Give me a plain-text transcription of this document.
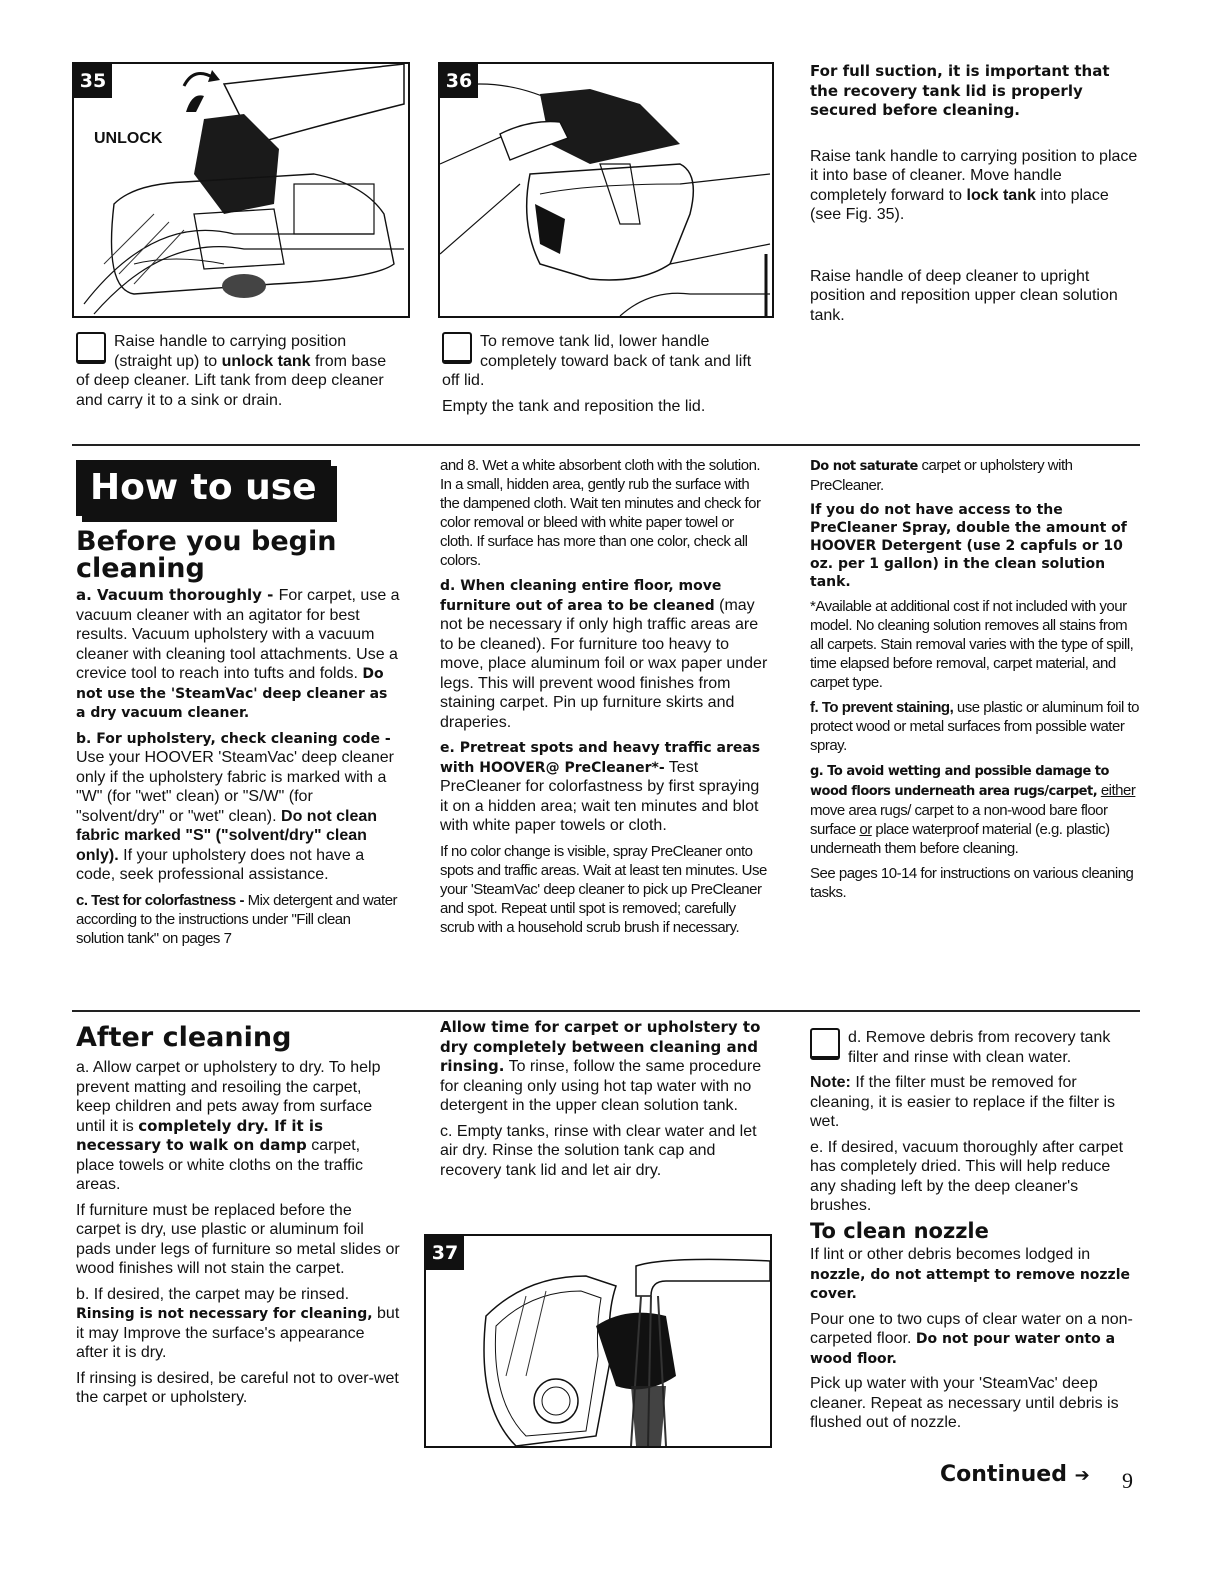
35
UNLOCK
Raise handle to carrying position (straight up) to unlock tank from base of deep cleaner. Lift tank from deep cleaner and carry it to a sink or drain.
36

To remove tank lid, lower handle completely toward back of tank and lift off lid.

Empty the tank and reposition the lid.

For full suction, it is important that the recovery tank lid is properly secured before cleaning.
Raise tank handle to carrying position to place it into base of cleaner. Move handle completely forward to lock tank into place (see Fig. 35).
Raise handle of deep cleaner to upright position and reposition upper clean solution tank.
How to use
Before you begin cleaning

a. Vacuum thoroughly - For carpet, use a vacuum cleaner with an agitator for best results. Vacuum upholstery with a vacuum cleaner with cleaning tool attachments. Use a crevice tool to reach into tufts and folds. Do not use the 'SteamVac' deep cleaner as a dry vacuum cleaner.

b. For upholstery, check cleaning code - Use your HOOVER 'SteamVac' deep cleaner only if the upholstery fabric is marked with a "W" (for "wet" clean) or "S/W" (for "solvent/dry" or "wet" clean). Do not clean fabric marked "S" ("solvent/dry" clean only). If your upholstery does not have a code, seek professional assistance.

c. Test for colorfastness - Mix detergent and water according to the instructions under "Fill clean solution tank" on pages 7

and 8. Wet a white absorbent cloth with the solution. In a small, hidden area, gently rub the surface with the dampened cloth. Wait ten minutes and check for color removal or bleed with white paper towel or cloth. If surface has more than one color, check all colors.

d. When cleaning entire floor, move furniture out of area to be cleaned (may not be necessary if only high traffic areas are to be cleaned). For furniture too heavy to move, place aluminum foil or wax paper under legs. This will prevent wood finishes from staining carpet. Pin up furniture skirts and draperies.

e. Pretreat spots and heavy traffic areas with HOOVER@ PreCleaner*- Test PreCleaner for colorfastness by first spraying it on a hidden area; wait ten minutes and blot with white paper towels or cloth.

If no color change is visible, spray PreCleaner onto spots and traffic areas. Wait at least ten minutes. Use your 'SteamVac' deep cleaner to pick up PreCleaner and spot. Repeat until spot is removed; carefully scrub with a household scrub brush if necessary.

Do not saturate carpet or upholstery with PreCleaner.

If you do not have access to the PreCleaner Spray, double the amount of HOOVER Detergent (use 2 capfuls or 10 oz. per 1 gallon) in the clean solution tank.

*Available at additional cost if not included with your model. No cleaning solution removes all stains from all carpets. Stain removal varies with the type of spill, time elapsed before removal, carpet material, and carpet type.

f. To prevent staining, use plastic or aluminum foil to protect wood or metal surfaces from possible water spray.

g. To avoid wetting and possible damage to wood floors underneath area rugs/carpet, either move area rugs/ carpet to a non-wood bare floor surface or place waterproof material (e.g. plastic) underneath them before cleaning.

See pages 10-14 for instructions on various cleaning tasks.

After cleaning

a. Allow carpet or upholstery to dry. To help prevent matting and resoiling the carpet, keep children and pets away from surface until it is completely dry. If it is necessary to walk on damp carpet, place towels or white cloths on the traffic areas.

If furniture must be replaced before the carpet is dry, use plastic or aluminum foil pads under legs of furniture so metal slides or wood finishes will not stain the carpet.

b. If desired, the carpet may be rinsed. Rinsing is not necessary for cleaning, but it may Improve the surface's appearance after it is dry.

If rinsing is desired, be careful not to over-wet the carpet or upholstery.

Allow time for carpet or upholstery to dry completely between cleaning and rinsing. To rinse, follow the same procedure for cleaning only using hot tap water with no detergent in the upper clean solution tank.

c. Empty tanks, rinse with clear water and let air dry. Rinse the solution tank cap and recovery tank lid and let air dry.

37

d. Remove debris from recovery tank filter and rinse with clean water.

Note: If the filter must be removed for cleaning, it is easier to replace if the filter is wet.

e. If desired, vacuum thoroughly after carpet has completely dried. This will help reduce any shading left by the deep cleaner's brushes.

To clean nozzle

If lint or other debris becomes lodged in nozzle, do not attempt to remove nozzle cover.

Pour one to two cups of clear water on a non-carpeted floor. Do not pour water onto a wood floor.

Pick up water with your 'SteamVac' deep cleaner. Repeat as necessary until debris is flushed out of nozzle.

Continued ➔ 9
